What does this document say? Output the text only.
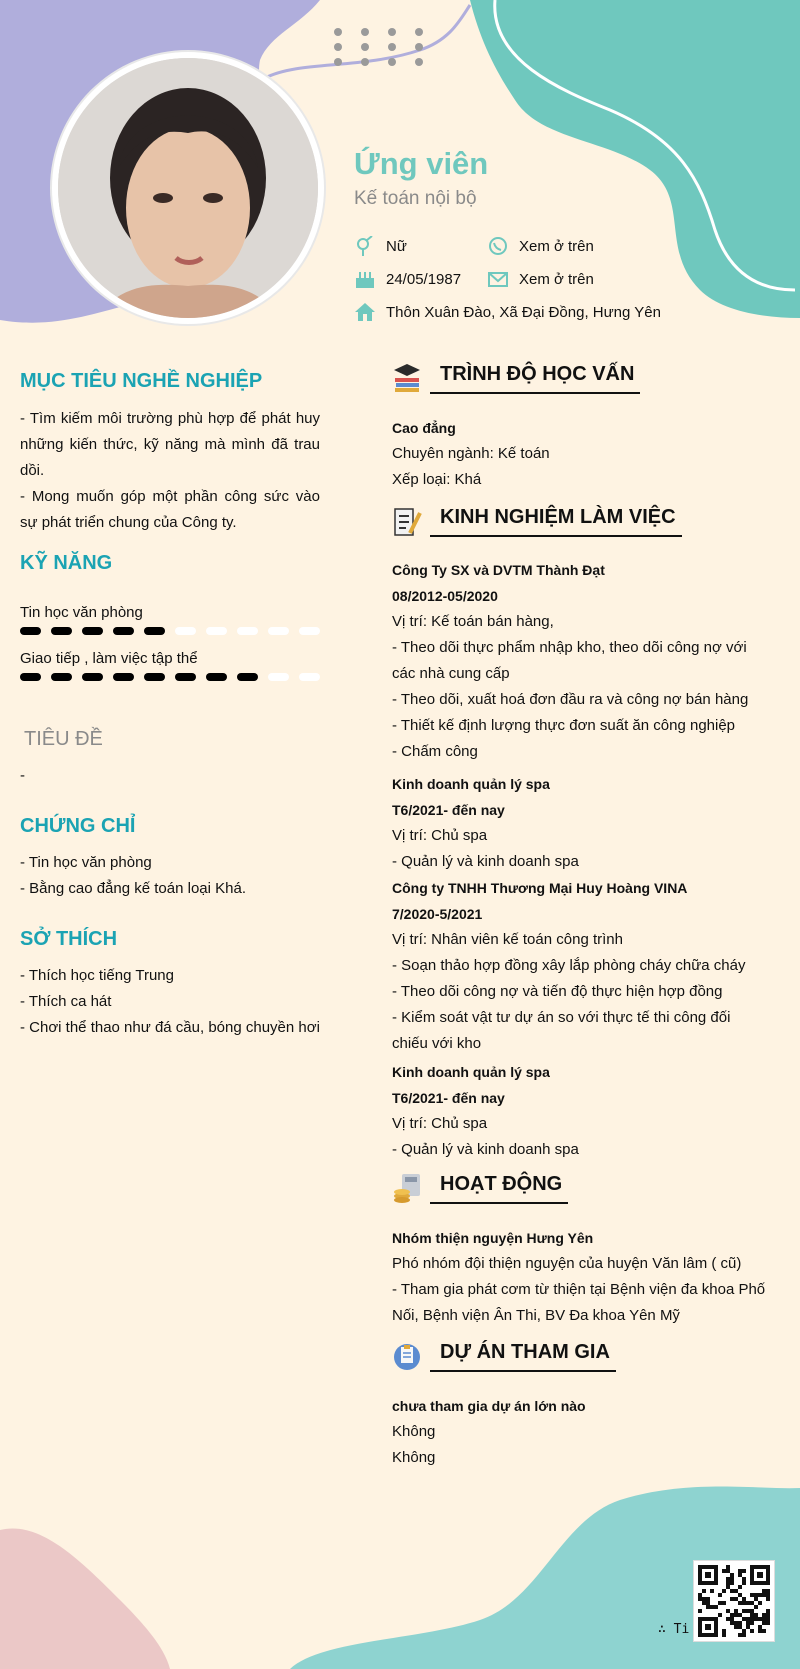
Ứng viên
Kế toán nội bộ
Nữ	Xem ở trên
24/05/1987	Xem ở trên
Thôn Xuân Đào, Xã Đại Đồng, Hưng Yên
MỤC TIÊU NGHỀ NGHIỆP
- Tìm kiếm môi trường phù hợp để phát huy những kiến thức, kỹ năng mà mình đã trau dồi.
- Mong muốn góp một phần công sức vào sự phát triển chung của Công ty.
KỸ NĂNG
Tin học văn phòng
Giao tiếp , làm việc tập thể
TIÊU ĐỀ
-
CHỨNG CHỈ
- Tin học văn phòng
- Bằng cao đẳng kế toán loại Khá.
SỞ THÍCH
- Thích học tiếng Trung
- Thích ca hát
- Chơi thể thao như đá cầu, bóng chuyền hơi
TRÌNH ĐỘ HỌC VẤN
Cao đẳng
Chuyên ngành: Kế toán
Xếp loại: Khá
KINH NGHIỆM LÀM VIỆC
Công Ty SX và DVTM Thành Đạt
08/2012-05/2020
Vị trí: Kế toán bán hàng,
- Theo dõi thực phẩm nhập kho, theo dõi công nợ với
các nhà cung cấp
- Theo dõi, xuất hoá đơn đầu ra và công nợ bán hàng
- Thiết kế định lượng thực đơn suất ăn công nghiệp
- Chấm công
Kinh doanh quản lý spa
T6/2021- đến nay
Vị trí: Chủ spa
- Quản lý và kinh doanh spa
Công ty TNHH Thương Mại Huy Hoàng VINA
7/2020-5/2021
Vị trí: Nhân viên kế toán công trình
- Soạn thảo hợp đồng xây lắp phòng cháy chữa cháy
- Theo dõi công nợ và tiến độ thực hiện hợp đồng
- Kiểm soát vật tư dự án so với thực tế thi công đối
chiếu với kho
Kinh doanh quản lý spa
T6/2021- đến nay
Vị trí: Chủ spa
- Quản lý và kinh doanh spa
HOẠT ĐỘNG
Nhóm thiện nguyện Hưng Yên
Phó nhóm đội thiện nguyện của huyện Văn lâm ( cũ)
- Tham gia phát cơm từ thiện tại Bệnh viện đa khoa Phố
Nối, Bệnh viện Ân Thi, BV Đa khoa Yên Mỹ
DỰ ÁN THAM GIA
chưa tham gia dự án lớn nào
Không
Không
∴ Ti
